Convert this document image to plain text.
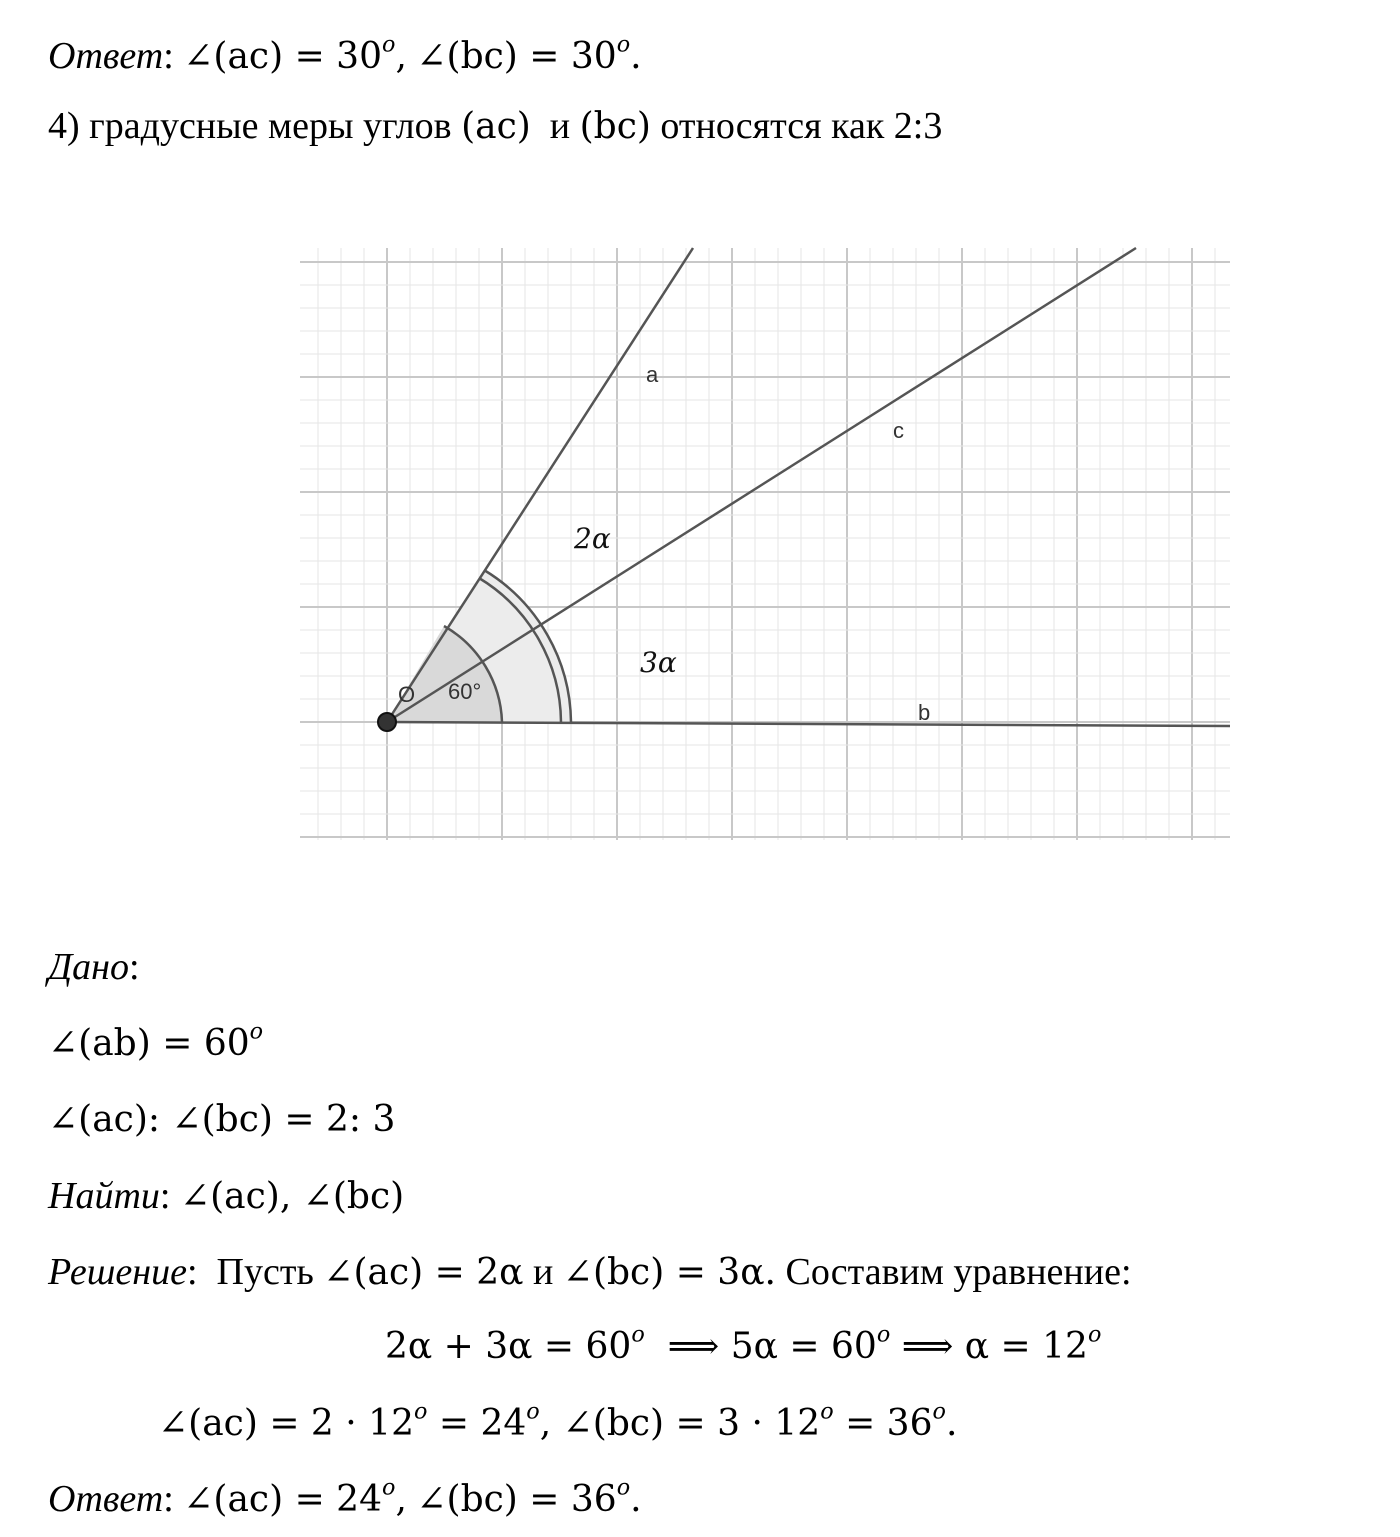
Ответ: ∠(ac) = $30^o$, ∠(bc) = $30^o$.
4) градусные меры углов (ac) и (bc) относятся как 2:3
a
c
b
O 60°
2α
3α
Дано:
∠(ab) = $60^o$
∠(ac): ∠(bc) = 2: 3
Найти: ∠(ac), ∠(bc)
Решение: Пусть ∠(ac) = 2α и ∠(bc) = 3α. Составим уравнение:
$2\alpha + 3\alpha = 60^o$ ⟹ $5\alpha = 60^o$ ⟹ $\alpha = 12^o$
∠(ac) = $2 \cdot 12^o = 24^o$, ∠(bc) = $3 \cdot 12^o = 36^o$.
Ответ: ∠(ac) = $24^o$, ∠(bc) = $36^o$.
